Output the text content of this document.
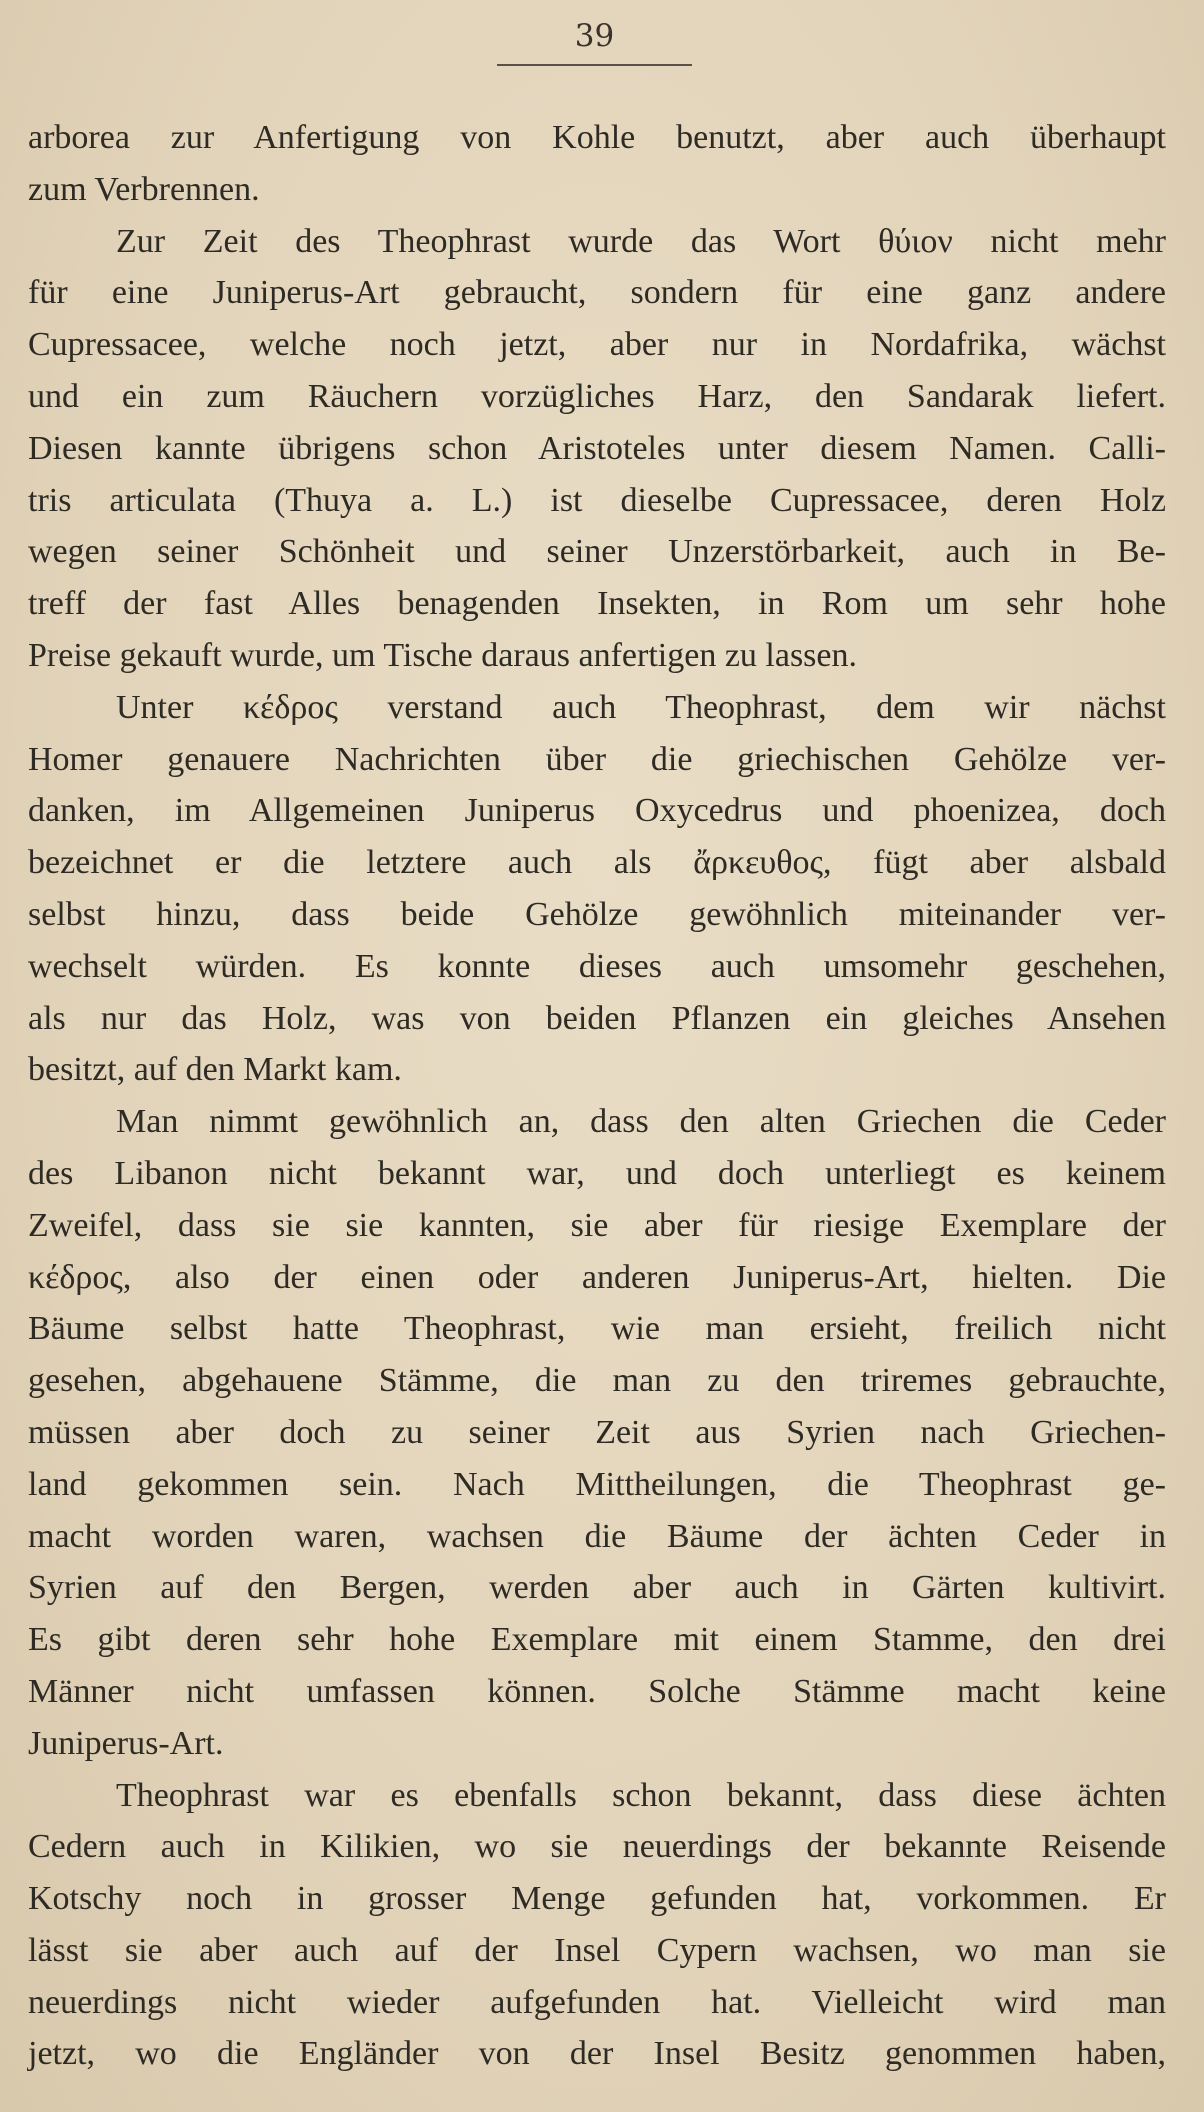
39
arborea zur Anfertigung von Kohle benutzt, aber auch überhaupt
zum Verbrennen.
Zur Zeit des Theophrast wurde das Wort θύιον nicht mehr
für eine Juniperus-Art gebraucht, sondern für eine ganz andere
Cupressacee, welche noch jetzt, aber nur in Nordafrika, wächst
und ein zum Räuchern vorzügliches Harz, den Sandarak liefert.
Diesen kannte übrigens schon Aristoteles unter diesem Namen. Calli-
tris articulata (Thuya a. L.) ist dieselbe Cupressacee, deren Holz
wegen seiner Schönheit und seiner Unzerstörbarkeit, auch in Be-
treff der fast Alles benagenden Insekten, in Rom um sehr hohe
Preise gekauft wurde, um Tische daraus anfertigen zu lassen.
Unter κέδρος verstand auch Theophrast, dem wir nächst
Homer genauere Nachrichten über die griechischen Gehölze ver-
danken, im Allgemeinen Juniperus Oxycedrus und phoenizea, doch
bezeichnet er die letztere auch als ἄρκευθος, fügt aber alsbald
selbst hinzu, dass beide Gehölze gewöhnlich miteinander ver-
wechselt würden. Es konnte dieses auch umsomehr geschehen,
als nur das Holz, was von beiden Pflanzen ein gleiches Ansehen
besitzt, auf den Markt kam.
Man nimmt gewöhnlich an, dass den alten Griechen die Ceder
des Libanon nicht bekannt war, und doch unterliegt es keinem
Zweifel, dass sie sie kannten, sie aber für riesige Exemplare der
κέδρος, also der einen oder anderen Juniperus-Art, hielten. Die
Bäume selbst hatte Theophrast, wie man ersieht, freilich nicht
gesehen, abgehauene Stämme, die man zu den triremes gebrauchte,
müssen aber doch zu seiner Zeit aus Syrien nach Griechen-
land gekommen sein. Nach Mittheilungen, die Theophrast ge-
macht worden waren, wachsen die Bäume der ächten Ceder in
Syrien auf den Bergen, werden aber auch in Gärten kultivirt.
Es gibt deren sehr hohe Exemplare mit einem Stamme, den drei
Männer nicht umfassen können. Solche Stämme macht keine
Juniperus-Art.
Theophrast war es ebenfalls schon bekannt, dass diese ächten
Cedern auch in Kilikien, wo sie neuerdings der bekannte Reisende
Kotschy noch in grosser Menge gefunden hat, vorkommen. Er
lässt sie aber auch auf der Insel Cypern wachsen, wo man sie
neuerdings nicht wieder aufgefunden hat. Vielleicht wird man
jetzt, wo die Engländer von der Insel Besitz genommen haben,
